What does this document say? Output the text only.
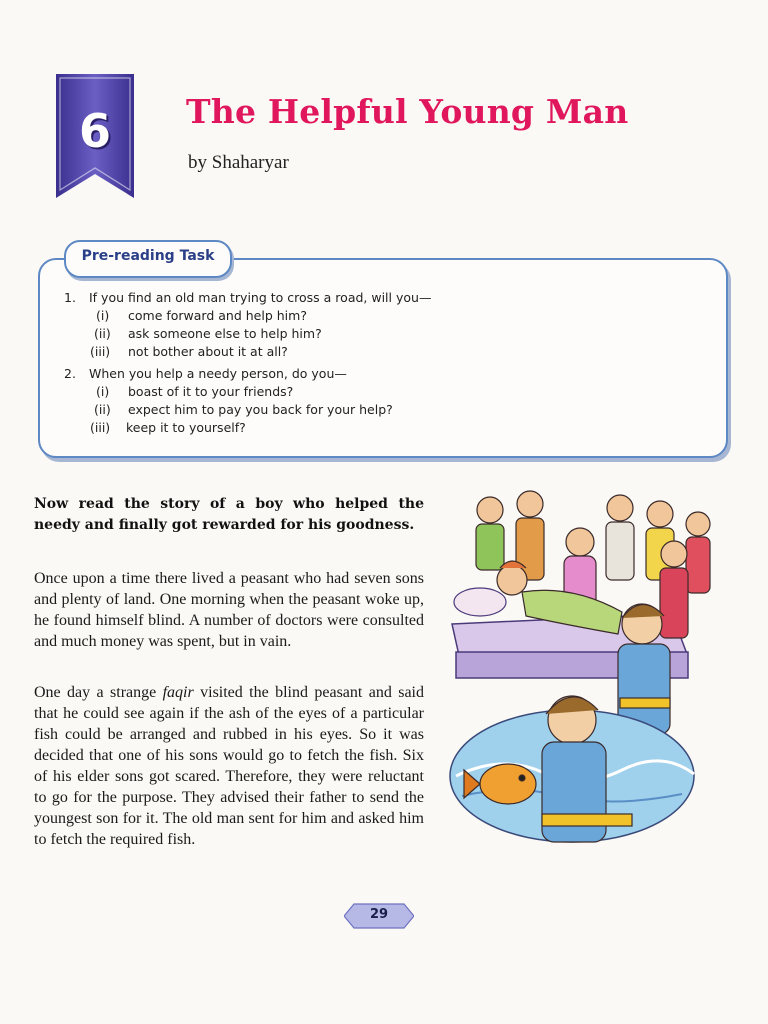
6	The Helpful Young Man
by Shaharyar
Pre-reading Task
1. If you find an old man trying to cross a road, will you—
(i) come forward and help him?
(ii) ask someone else to help him?
(iii) not bother about it at all?
2. When you help a needy person, do you—
(i) boast of it to your friends?
(ii) expect him to pay you back for your help?
(iii) keep it to yourself?
Now read the story of a boy who helped the needy and finally got rewarded for his goodness.
Once upon a time there lived a peasant who had seven sons and plenty of land. One morning when the peasant woke up, he found himself blind. A number of doctors were consulted and much money was spent, but in vain.
One day a strange faqir visited the blind peasant and said that he could see again if the ash of the eyes of a particular fish could be arranged and rubbed in his eyes. So it was decided that one of his sons would go to fetch the fish. Six of his elder sons got scared. Therefore, they were reluctant to go for the purpose. They advised their father to send the youngest son for it. The old man sent for him and asked him to fetch the required fish.
29
